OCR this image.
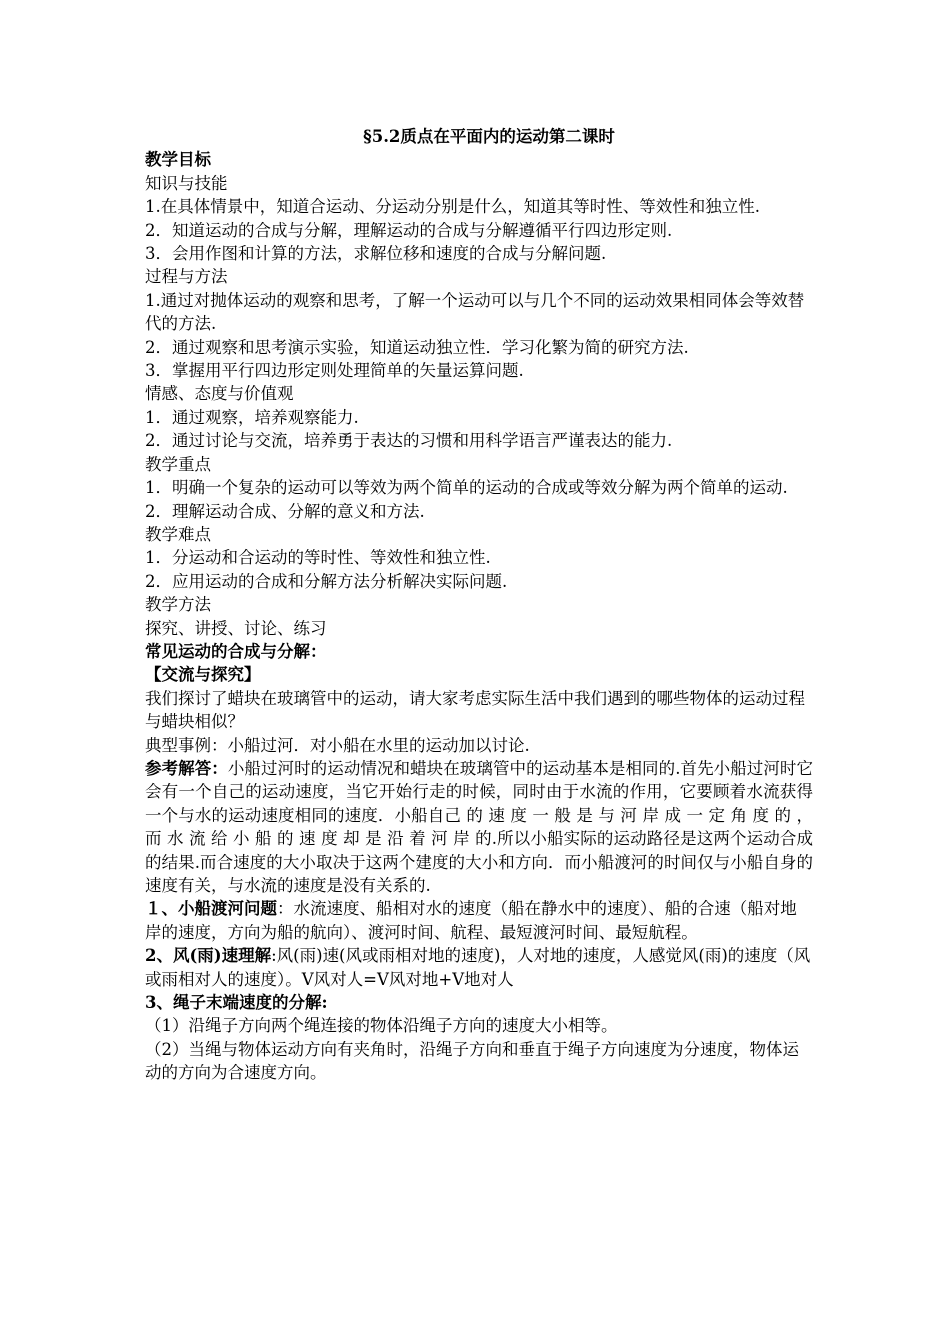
§5.2质点在平面内的运动第二课时

教学目标

知识与技能

1.在具体情景中，知道合运动、分运动分别是什么，知道其等时性、等效性和独立性.

2．知道运动的合成与分解，理解运动的合成与分解遵循平行四边形定则.

3．会用作图和计算的方法，求解位移和速度的合成与分解问题.

过程与方法

1.通过对抛体运动的观察和思考，了解一个运动可以与几个不同的运动效果相同体会等效替代的方法.

2．通过观察和思考演示实验，知道运动独立性．学习化繁为简的研究方法.

3．掌握用平行四边形定则处理简单的矢量运算问题.

情感、态度与价值观

1．通过观察，培养观察能力.

2．通过讨论与交流，培养勇于表达的习惯和用科学语言严谨表达的能力.

教学重点

1．明确一个复杂的运动可以等效为两个简单的运动的合成或等效分解为两个简单的运动.

2．理解运动合成、分解的意义和方法.

教学难点

1．分运动和合运动的等时性、等效性和独立性.

2．应用运动的合成和分解方法分析解决实际问题.

教学方法

探究、讲授、讨论、练习

常见运动的合成与分解：

【交流与探究】

我们探讨了蜡块在玻璃管中的运动，请大家考虑实际生活中我们遇到的哪些物体的运动过程与蜡块相似？

典型事例：小船过河．对小船在水里的运动加以讨论.

参考解答：小船过河时的运动情况和蜡块在玻璃管中的运动基本是相同的.首先小船过河时它会有一个自己的运动速度，当它开始行走的时候，同时由于水流的作用，它要顾着水流获得一个与水的运动速度相同的速度．小船自己 的 速 度 一 般 是 与 河 岸 成 一 定 角 度 的 ， 而 水 流 给 小 船 的 速 度 却 是 沿 着 河 岸 的.所以小船实际的运动路径是这两个运动合成的结果.而合速度的大小取决于这两个建度的大小和方向．而小船渡河的时间仅与小船自身的速度有关，与水流的速度是没有关系的.

１、小船渡河问题：水流速度、船相对水的速度（船在静水中的速度）、船的合速（船对地岸的速度，方向为船的航向）、渡河时间、航程、最短渡河时间、最短航程。

2、风(雨)速理解:风(雨)速(风或雨相对地的速度)，人对地的速度，人感觉风(雨)的速度（风或雨相对人的速度）。V风对人=V风对地+V地对人

3、绳子末端速度的分解:

（1）沿绳子方向两个绳连接的物体沿绳子方向的速度大小相等。

（2）当绳与物体运动方向有夹角时，沿绳子方向和垂直于绳子方向速度为分速度，物体运动的方向为合速度方向。
